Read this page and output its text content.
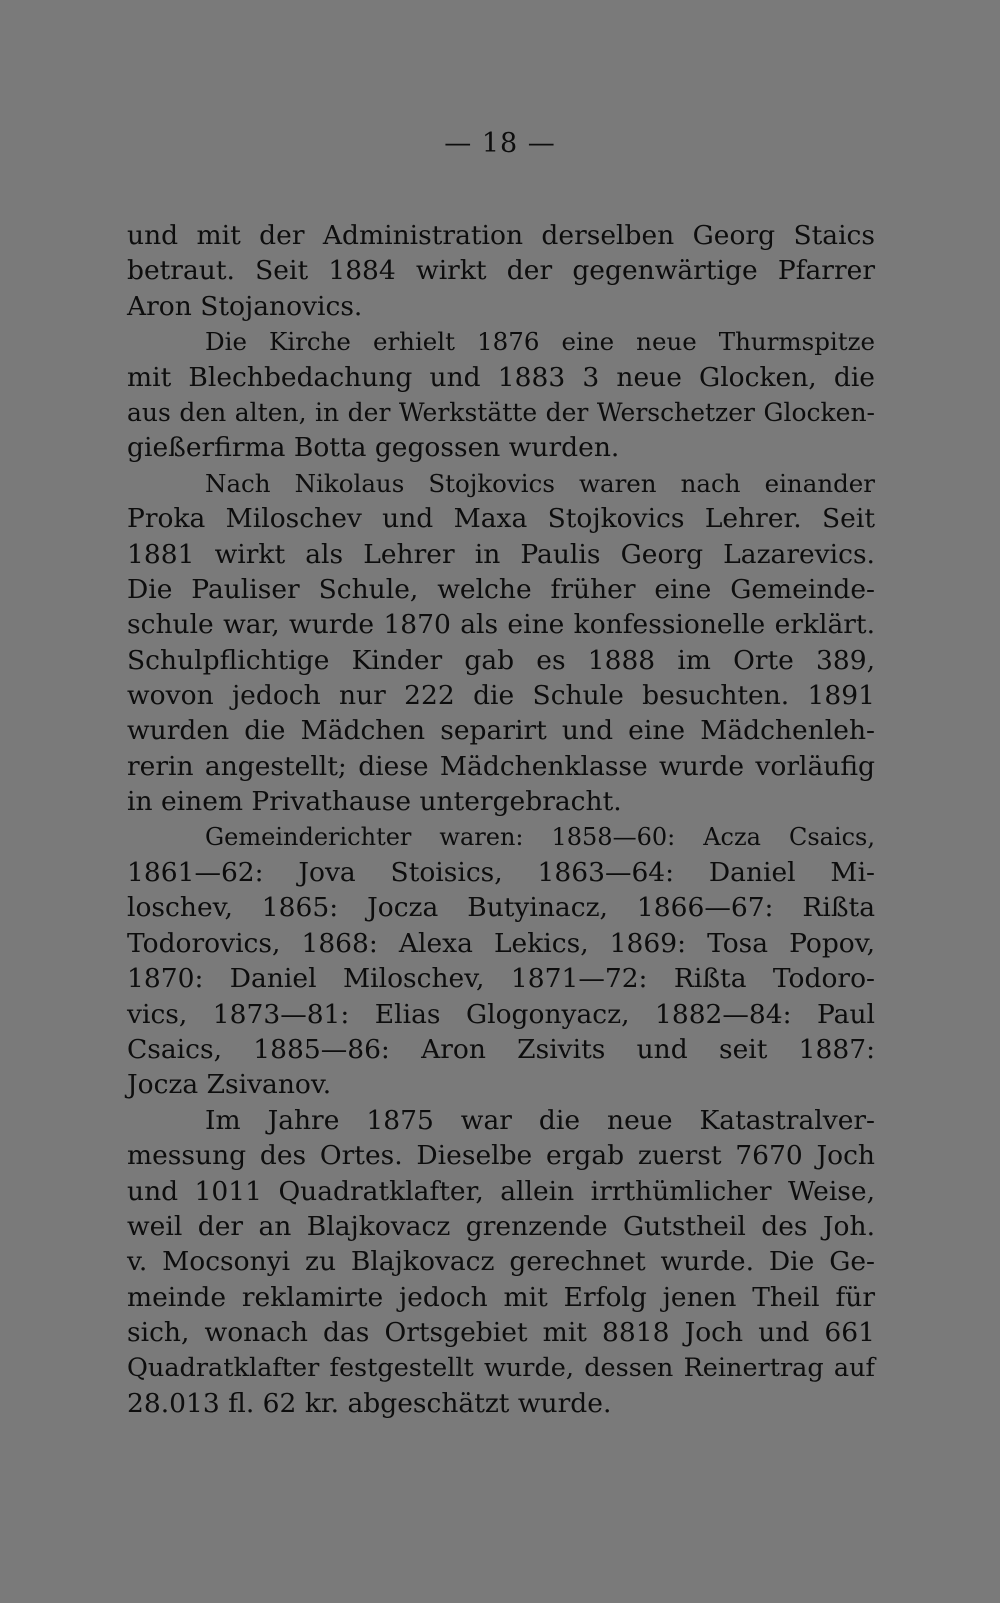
— 18 —
und mit der Administration derselben Georg Staics
betraut. Seit 1884 wirkt der gegenwärtige Pfarrer
Aron Stojanovics.
Die Kirche erhielt 1876 eine neue Thurmspitze
mit Blechbedachung und 1883 3 neue Glocken, die
aus den alten, in der Werkstätte der Werschetzer Glocken-
gießerfirma Botta gegossen wurden.
Nach Nikolaus Stojkovics waren nach einander
Proka Miloschev und Maxa Stojkovics Lehrer. Seit
1881 wirkt als Lehrer in Paulis Georg Lazarevics.
Die Pauliser Schule, welche früher eine Gemeinde-
schule war, wurde 1870 als eine konfessionelle erklärt.
Schulpflichtige Kinder gab es 1888 im Orte 389,
wovon jedoch nur 222 die Schule besuchten. 1891
wurden die Mädchen separirt und eine Mädchenleh-
rerin angestellt; diese Mädchenklasse wurde vorläufig
in einem Privathause untergebracht.
Gemeinderichter waren: 1858—60: Acza Csaics,
1861—62: Jova Stoisics, 1863—64: Daniel Mi-
loschev, 1865: Jocza Butyinacz, 1866—67: Rißta
Todorovics, 1868: Alexa Lekics, 1869: Tosa Popov,
1870: Daniel Miloschev, 1871—72: Rißta Todoro-
vics, 1873—81: Elias Glogonyacz, 1882—84: Paul
Csaics, 1885—86: Aron Zsivits und seit 1887:
Jocza Zsivanov.
Im Jahre 1875 war die neue Katastralver-
messung des Ortes. Dieselbe ergab zuerst 7670 Joch
und 1011 Quadratklafter, allein irrthümlicher Weise,
weil der an Blajkovacz grenzende Gutstheil des Joh.
v. Mocsonyi zu Blajkovacz gerechnet wurde. Die Ge-
meinde reklamirte jedoch mit Erfolg jenen Theil für
sich, wonach das Ortsgebiet mit 8818 Joch und 661
Quadratklafter festgestellt wurde, dessen Reinertrag auf
28.013 fl. 62 kr. abgeschätzt wurde.
